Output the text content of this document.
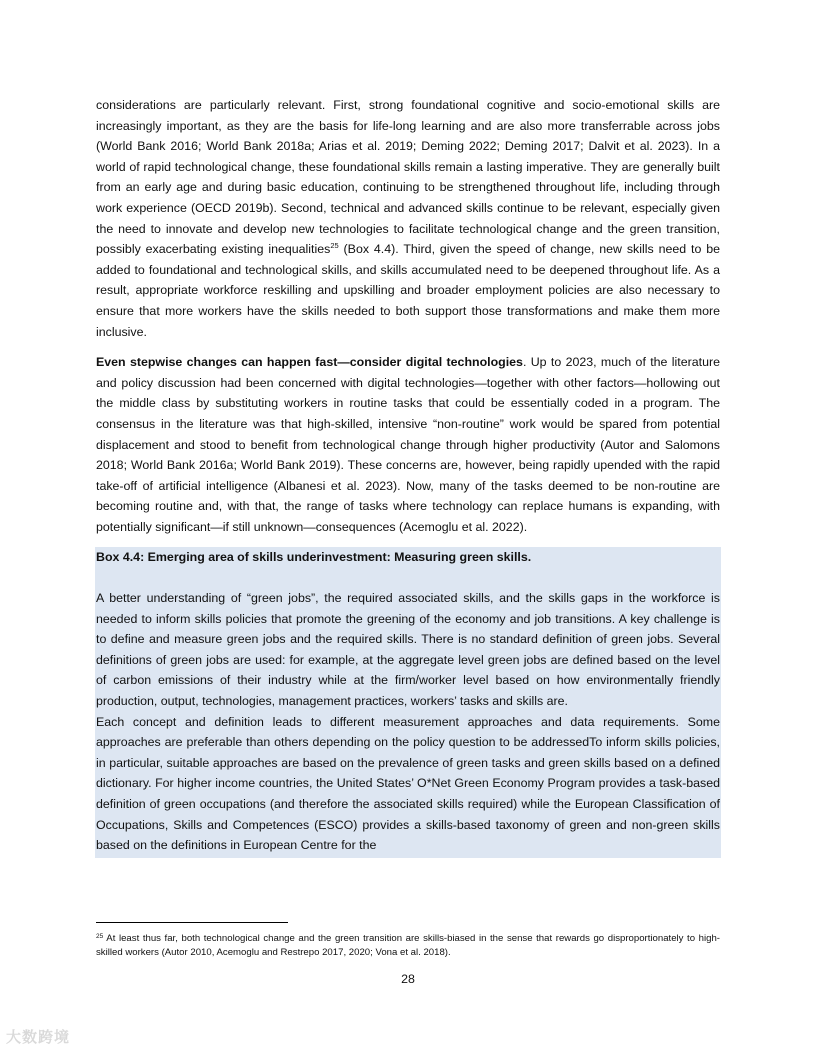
considerations are particularly relevant. First, strong foundational cognitive and socio-emotional skills are increasingly important, as they are the basis for life-long learning and are also more transferrable across jobs (World Bank 2016; World Bank 2018a; Arias et al. 2019; Deming 2022; Deming 2017; Dalvit et al. 2023). In a world of rapid technological change, these foundational skills remain a lasting imperative. They are generally built from an early age and during basic education, continuing to be strengthened throughout life, including through work experience (OECD 2019b). Second, technical and advanced skills continue to be relevant, especially given the need to innovate and develop new technologies to facilitate technological change and the green transition, possibly exacerbating existing inequalities$^{25}$ (Box 4.4). Third, given the speed of change, new skills need to be added to foundational and technological skills, and skills accumulated need to be deepened throughout life. As a result, appropriate workforce reskilling and upskilling and broader employment policies are also necessary to ensure that more workers have the skills needed to both support those transformations and make them more inclusive.

Even stepwise changes can happen fast—consider digital technologies. Up to 2023, much of the literature and policy discussion had been concerned with digital technologies—together with other factors—hollowing out the middle class by substituting workers in routine tasks that could be essentially coded in a program. The consensus in the literature was that high-skilled, intensive “non-routine” work would be spared from potential displacement and stood to benefit from technological change through higher productivity (Autor and Salomons 2018; World Bank 2016a; World Bank 2019). These concerns are, however, being rapidly upended with the rapid take-off of artificial intelligence (Albanesi et al. 2023). Now, many of the tasks deemed to be non-routine are becoming routine and, with that, the range of tasks where technology can replace humans is expanding, with potentially significant—if still unknown—consequences (Acemoglu et al. 2022).

Box 4.4: Emerging area of skills underinvestment: Measuring green skills.

A better understanding of “green jobs”, the required associated skills, and the skills gaps in the workforce is needed to inform skills policies that promote the greening of the economy and job transitions. A key challenge is to define and measure green jobs and the required skills. There is no standard definition of green jobs. Several definitions of green jobs are used: for example, at the aggregate level green jobs are defined based on the level of carbon emissions of their industry while at the firm/worker level based on how environmentally friendly production, output, technologies, management practices, workers’ tasks and skills are.

Each concept and definition leads to different measurement approaches and data requirements. Some approaches are preferable than others depending on the policy question to be addressedTo inform skills policies, in particular, suitable approaches are based on the prevalence of green tasks and green skills based on a defined dictionary. For higher income countries, the United States’ O*Net Green Economy Program provides a task-based definition of green occupations (and therefore the associated skills required) while the European Classification of Occupations, Skills and Competences (ESCO) provides a skills-based taxonomy of green and non-green skills based on the definitions in European Centre for the

$^{25}$ At least thus far, both technological change and the green transition are skills-biased in the sense that rewards go disproportionately to high-skilled workers (Autor 2010, Acemoglu and Restrepo 2017, 2020; Vona et al. 2018).

28
大数跨境
